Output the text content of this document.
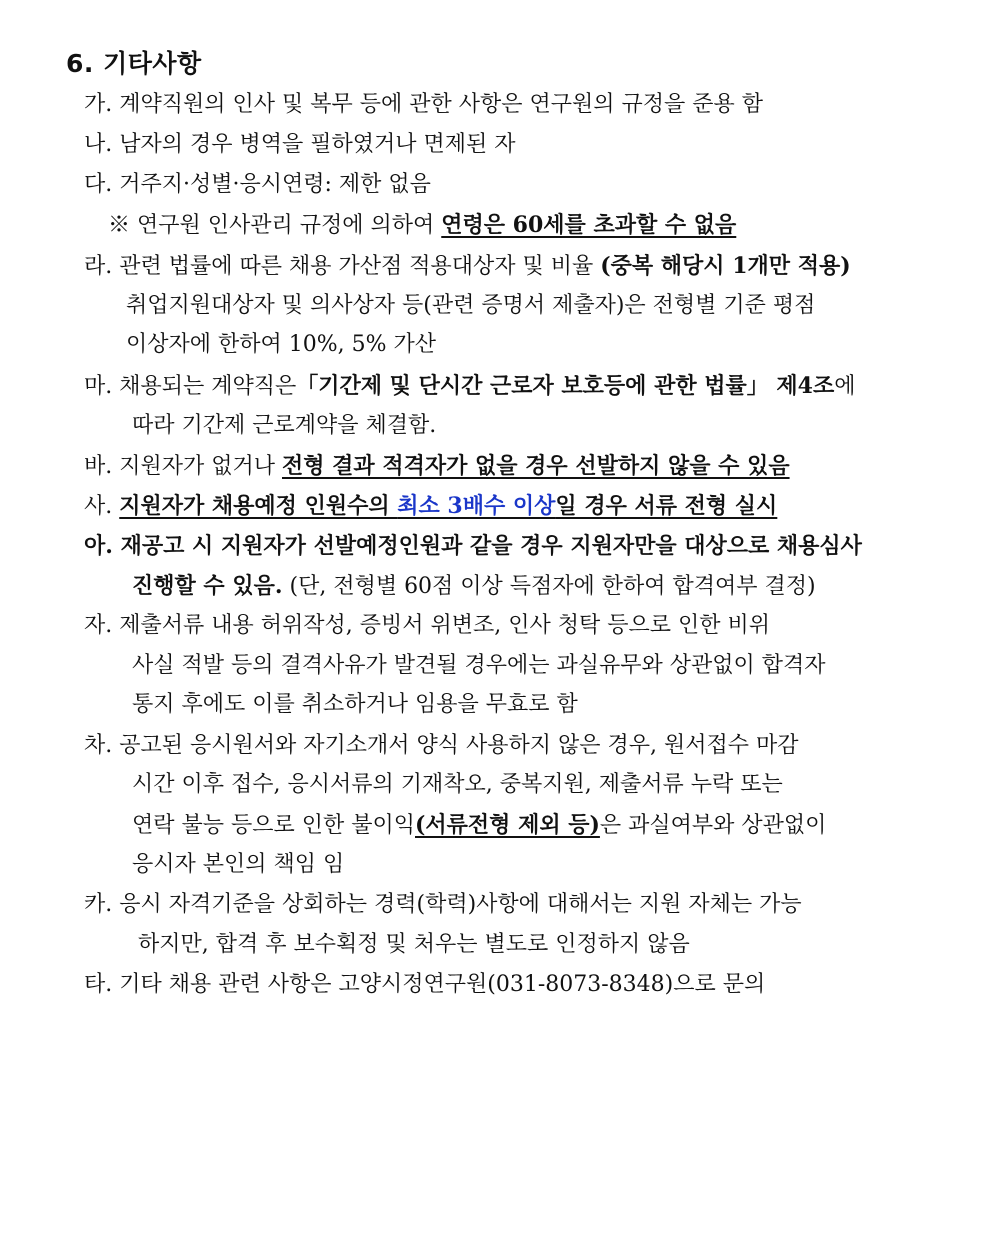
6. 기타사항
가. 계약직원의 인사 및 복무 등에 관한 사항은 연구원의 규정을 준용 함
나. 남자의 경우 병역을 필하였거나 면제된 자
다. 거주지·성별·응시연령: 제한 없음
※ 연구원 인사관리 규정에 의하여 연령은 60세를 초과할 수 없음
라. 관련 법률에 따른 채용 가산점 적용대상자 및 비율 (중복 해당시 1개만 적용)
취업지원대상자 및 의사상자 등(관련 증명서 제출자)은 전형별 기준 평점
이상자에 한하여 10%, 5% 가산
마. 채용되는 계약직은「기간제 및 단시간 근로자 보호등에 관한 법률」 제4조에
따라 기간제 근로계약을 체결함.
바. 지원자가 없거나 전형 결과 적격자가 없을 경우 선발하지 않을 수 있음
사. 지원자가 채용예정 인원수의 최소 3배수 이상일 경우 서류 전형 실시
아. 재공고 시 지원자가 선발예정인원과 같을 경우 지원자만을 대상으로 채용심사
진행할 수 있음. (단, 전형별 60점 이상 득점자에 한하여 합격여부 결정)
자. 제출서류 내용 허위작성, 증빙서 위변조, 인사 청탁 등으로 인한 비위
사실 적발 등의 결격사유가 발견될 경우에는 과실유무와 상관없이 합격자
통지 후에도 이를 취소하거나 임용을 무효로 함
차. 공고된 응시원서와 자기소개서 양식 사용하지 않은 경우, 원서접수 마감
시간 이후 접수, 응시서류의 기재착오, 중복지원, 제출서류 누락 또는
연락 불능 등으로 인한 불이익(서류전형 제외 등)은 과실여부와 상관없이
응시자 본인의 책임 임
카. 응시 자격기준을 상회하는 경력(학력)사항에 대해서는 지원 자체는 가능
하지만, 합격 후 보수획정 및 처우는 별도로 인정하지 않음
타. 기타 채용 관련 사항은 고양시정연구원(031-8073-8348)으로 문의
